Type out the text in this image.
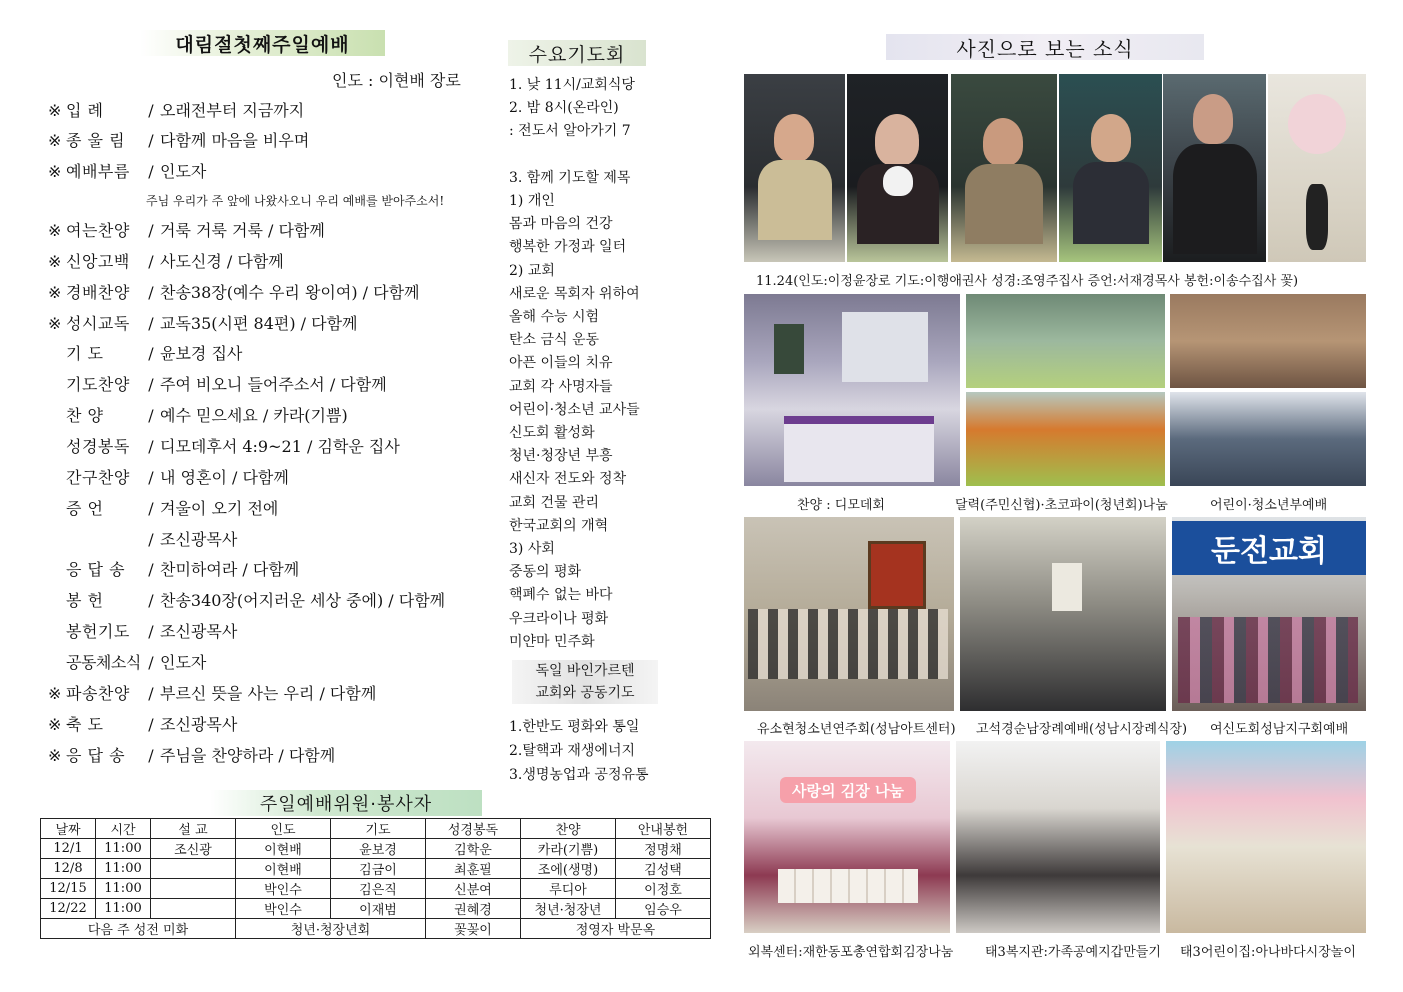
대림절첫째주일예배
인도 : 이현배 장로
※ 입 례	/ 오래전부터 지금까지
※ 종 울 림 / 다함께 마음을 비우며
※ 예배부름 / 인도자
※ 여는찬양 / 거룩 거룩 거룩 / 다함께
※ 신앙고백 / 사도신경 / 다함께
※ 경배찬양 / 찬송38장(예수 우리 왕이여) / 다함께
※ 성시교독 / 교독35(시편 84편) / 다함께
기 도	/ 윤보경 집사
기도찬양 / 주여 비오니 들어주소서 / 다함께
찬 양	/ 예수 믿으세요 / 카라(기쁨)
성경봉독 / 디모데후서 4:9~21 / 김학운 집사
간구찬양 / 내 영혼이 / 다함께
증 언	/ 겨울이 오기 전에
/ 조신광목사
응 답 송 / 찬미하여라 / 다함께
봉 헌	/ 찬송340장(어지러운 세상 중에) / 다함께
봉헌기도 / 조신광목사
공동체소식 / 인도자
※ 파송찬양 / 부르신 뜻을 사는 우리 / 다함께
※ 축 도	/ 조신광목사
※ 응 답 송 / 주님을 찬양하라 / 다함께
주님 우리가 주 앞에 나왔사오니 우리 예배를 받아주소서!
수요기도회
1. 낮 11시/교회식당
2. 밤 8시(온라인)
: 전도서 알아가기 7
3. 함께 기도할 제목
1) 개인
몸과 마음의 건강
행복한 가정과 일터
2) 교회
새로운 목회자 위하여
올해 수능 시험
탄소 금식 운동
아픈 이들의 치유
교회 각 사명자들
어린이·청소년 교사들
신도회 활성화
청년·청장년 부흥
새신자 전도와 정착
교회 건물 관리
한국교회의 개혁
3) 사회
중동의 평화
핵폐수 없는 바다
우크라이나 평화
미얀마 민주화
독일 바인가르텐
교회와 공동기도
1.한반도 평화와 통일
2.탈핵과 재생에너지
3.생명농업과 공정유통
주일예배위원·봉사자
날짜	시간	설 교	인도	기도	성경봉독	찬양	안내봉헌
12/1	11:00	조신광	이현배	윤보경	김학운	카라(기쁨)	정명채
12/8	11:00		이현배	김금이	최훈필	조에(생명)	김성택
12/15	11:00		박인수	김은직	신분여	루디아	이정호
12/22	11:00		박인수	이재범	권혜경	청년·청장년	임승우
다음 주 성전 미화			청년·청장년회		꽃꽂이	정영자 박문옥	
사진으로 보는 소식
11.24(인도:이정윤장로 기도:이행애권사 성경:조영주집사 증언:서재경목사 봉헌:이송수집사 꽃)
찬양 : 디모데회	달력(주민신협)·초코파이(청년회)나눔	어린이·청소년부예배
둔전교회
유소현청소년연주회(성남아트센터) 고석경순남장례예배(성남시장례식장) 여신도회성남지구회예배
사랑의 김장 나눔
외복센터:재한동포총연합회김장나눔 태3복지관:가족공예지갑만들기 태3어린이집:아나바다시장놀이
